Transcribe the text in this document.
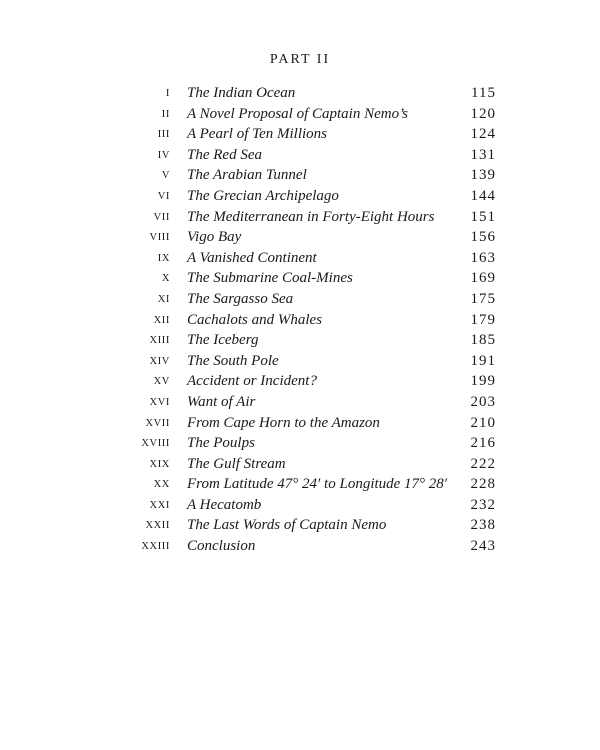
PART II
I The Indian Ocean	115
II A Novel Proposal of Captain Nemo’s	120
III A Pearl of Ten Millions	124
IV The Red Sea	131
V The Arabian Tunnel	139
VI The Grecian Archipelago	144
VII The Mediterranean in Forty-Eight Hours	151
VIII Vigo Bay	156
IX A Vanished Continent	163
X The Submarine Coal-Mines	169
XI The Sargasso Sea	175
XII Cachalots and Whales	179
XIII The Iceberg	185
XIV The South Pole	191
XV Accident or Incident?	199
XVI Want of Air	203
XVII From Cape Horn to the Amazon	210
XVIII The Poulps	216
XIX The Gulf Stream	222
XX From Latitude 47° 24′ to Longitude 17° 28′	228
XXI A Hecatomb	232
XXII The Last Words of Captain Nemo	238
XXIII Conclusion	243
